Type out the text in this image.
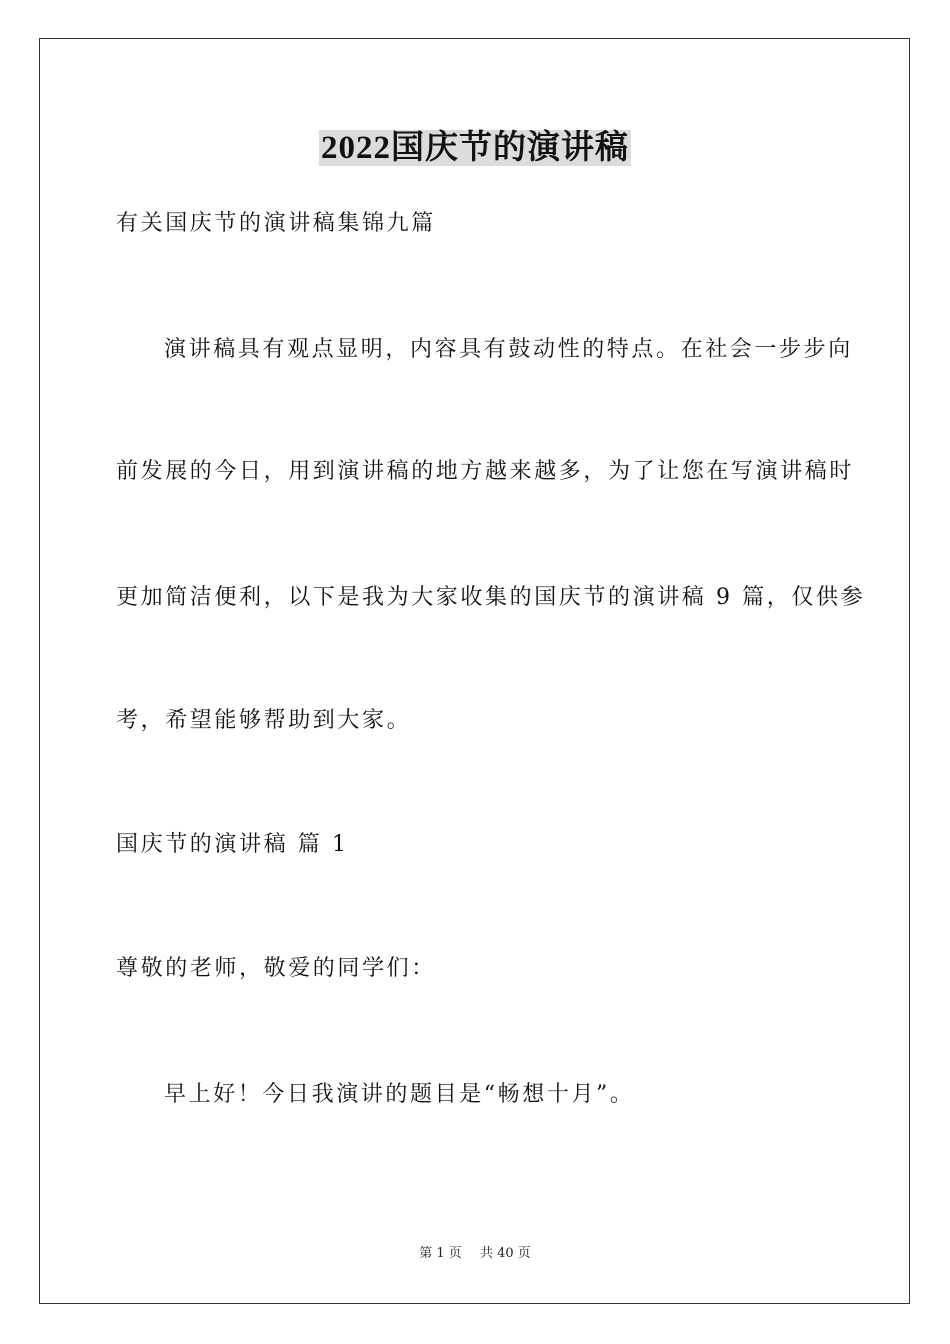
2022国庆节的演讲稿
有关国庆节的演讲稿集锦九篇
演讲稿具有观点显明，内容具有鼓动性的特点。在社会一步步向
前发展的今日，用到演讲稿的地方越来越多，为了让您在写演讲稿时
更加简洁便利，以下是我为大家收集的国庆节的演讲稿 9 篇，仅供参
考，希望能够帮助到大家。
国庆节的演讲稿 篇 1
尊敬的老师，敬爱的同学们：
早上好！今日我演讲的题目是“畅想十月”。
第 1 页 共 40 页
